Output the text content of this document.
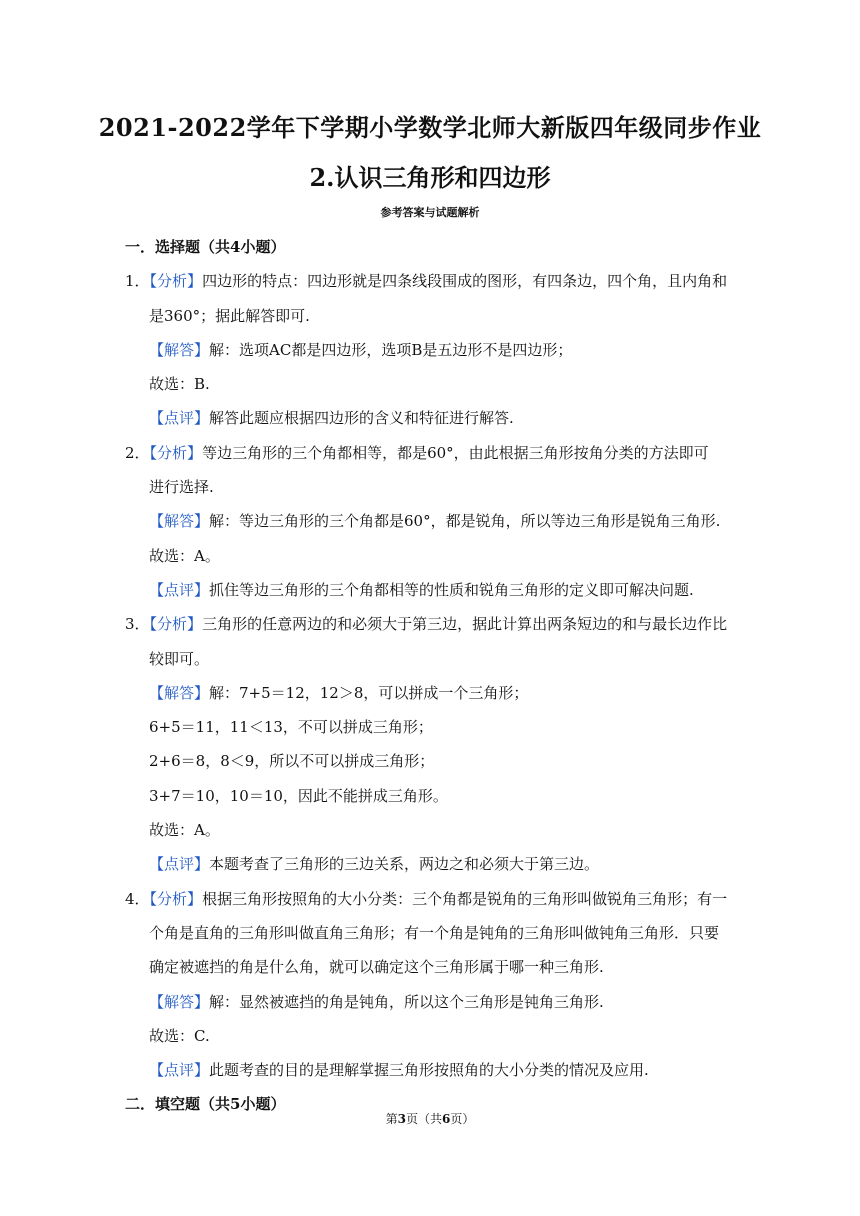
2021-2022学年下学期小学数学北师大新版四年级同步作业
2.认识三角形和四边形
参考答案与试题解析
一．选择题（共4小题）
1．【分析】四边形的特点：四边形就是四条线段围成的图形，有四条边，四个角，且内角和
是360°；据此解答即可.
【解答】解：选项AC都是四边形，选项B是五边形不是四边形；
故选：B.
【点评】解答此题应根据四边形的含义和特征进行解答.
2．【分析】等边三角形的三个角都相等，都是60°，由此根据三角形按角分类的方法即可
进行选择.
【解答】解：等边三角形的三个角都是60°，都是锐角，所以等边三角形是锐角三角形.
故选：A。
【点评】抓住等边三角形的三个角都相等的性质和锐角三角形的定义即可解决问题.
3．【分析】三角形的任意两边的和必须大于第三边，据此计算出两条短边的和与最长边作比
较即可。
【解答】解：7+5＝12，12＞8，可以拼成一个三角形；
6+5＝11，11＜13，不可以拼成三角形；
2+6＝8，8＜9，所以不可以拼成三角形；
3+7＝10，10＝10，因此不能拼成三角形。
故选：A。
【点评】本题考查了三角形的三边关系，两边之和必须大于第三边。
4．【分析】根据三角形按照角的大小分类：三个角都是锐角的三角形叫做锐角三角形；有一
个角是直角的三角形叫做直角三角形；有一个角是钝角的三角形叫做钝角三角形．只要
确定被遮挡的角是什么角，就可以确定这个三角形属于哪一种三角形.
【解答】解：显然被遮挡的角是钝角，所以这个三角形是钝角三角形.
故选：C.
【点评】此题考查的目的是理解掌握三角形按照角的大小分类的情况及应用.
二．填空题（共5小题）
第3页（共6页）
